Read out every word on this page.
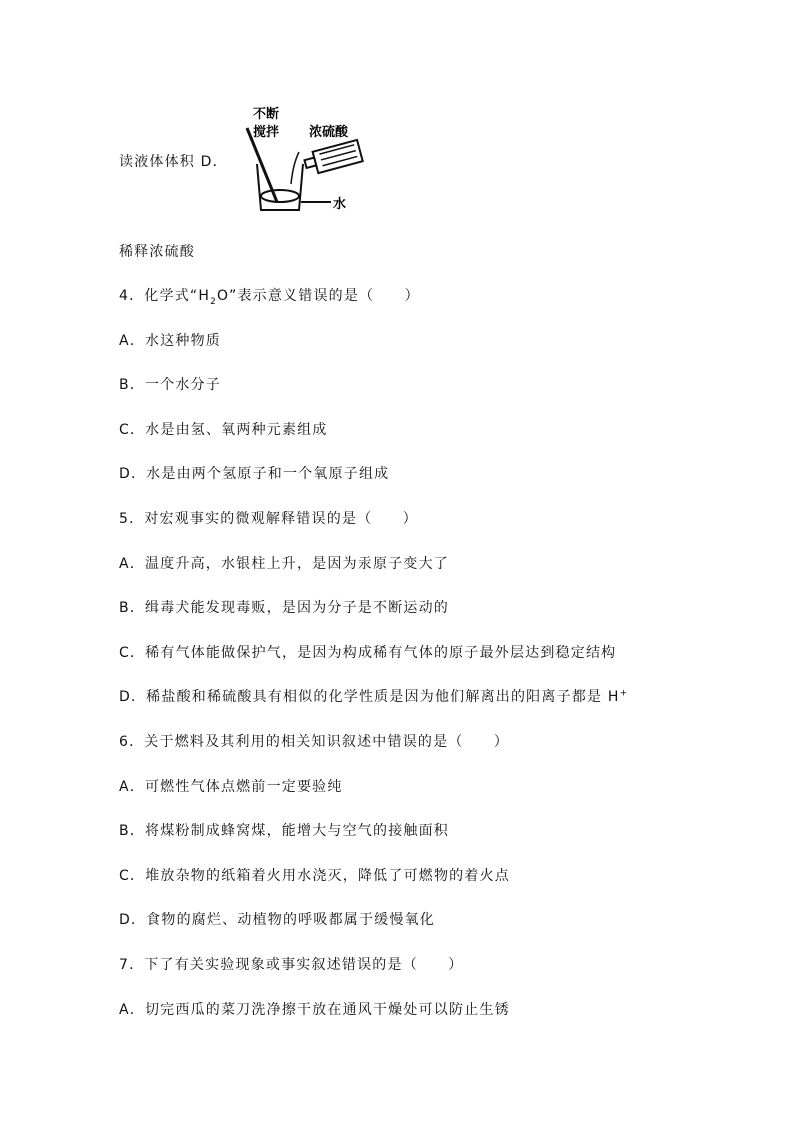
读液体体积 D．
不断
搅拌 浓硫酸
水
稀释浓硫酸
4．化学式“$H_2O$”表示意义错误的是（　　）
A．水这种物质
B．一个水分子
C．水是由氢、氧两种元素组成
D．水是由两个氢原子和一个氧原子组成
5．对宏观事实的微观解释错误的是（　　）
A．温度升高，水银柱上升，是因为汞原子变大了
B．缉毒犬能发现毒贩，是因为分子是不断运动的
C．稀有气体能做保护气，是因为构成稀有气体的原子最外层达到稳定结构
D．稀盐酸和稀硫酸具有相似的化学性质是因为他们解离出的阳离子都是 H+
6．关于燃料及其利用的相关知识叙述中错误的是（　　）
A．可燃性气体点燃前一定要验纯
B．将煤粉制成蜂窝煤，能增大与空气的接触面积
C．堆放杂物的纸箱着火用水浇灭，降低了可燃物的着火点
D．食物的腐烂、动植物的呼吸都属于缓慢氧化
7．下了有关实验现象或事实叙述错误的是（　　）
A．切完西瓜的菜刀洗净擦干放在通风干燥处可以防止生锈
